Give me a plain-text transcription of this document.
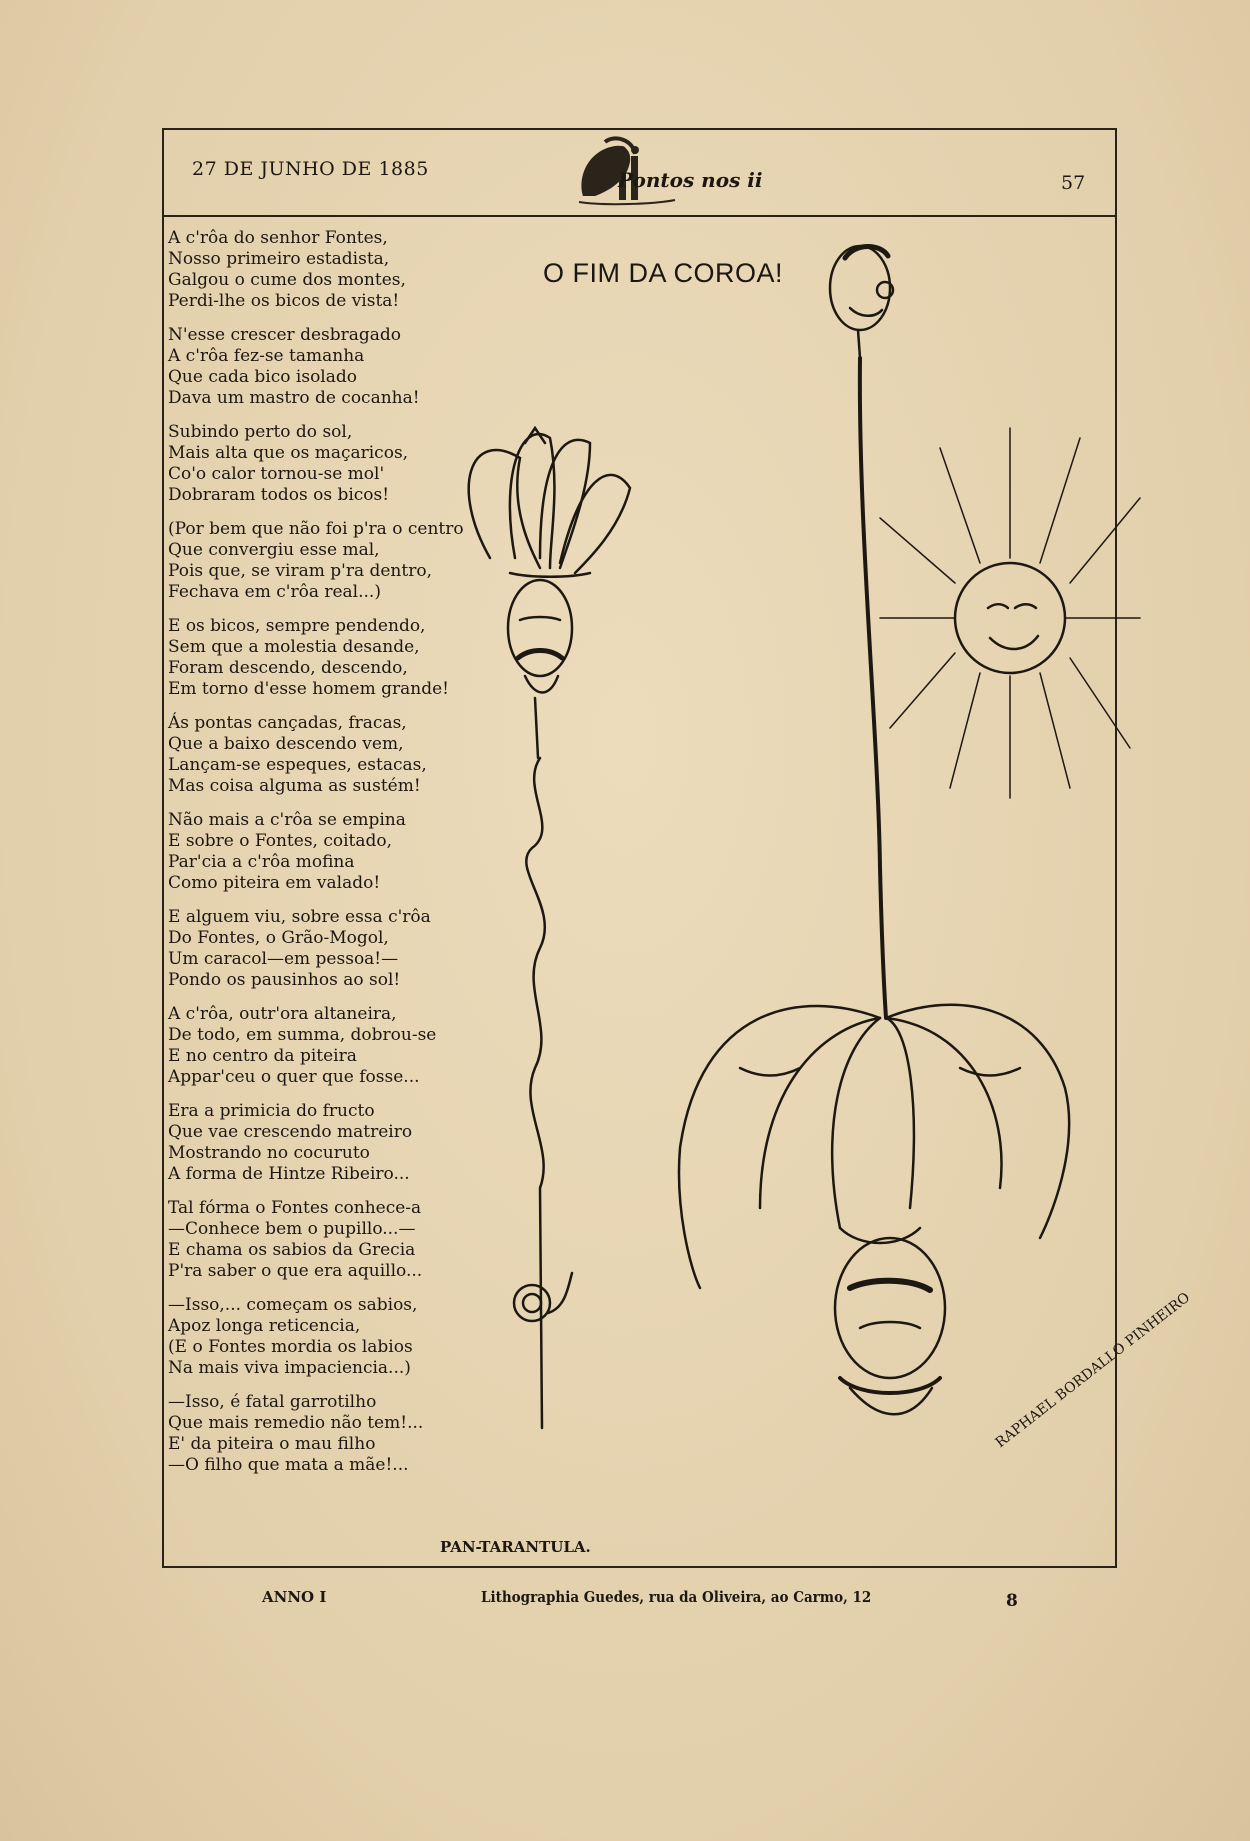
27 DE JUNHO DE 1885	Pontos nos ii	57
O FIM DA COROA!
A c'rôa do senhor Fontes,
Nosso primeiro estadista,
Galgou o cume dos montes,
Perdi-lhe os bicos de vista!
N'esse crescer desbragado
A c'rôa fez-se tamanha
Que cada bico isolado
Dava um mastro de cocanha!
Subindo perto do sol,
Mais alta que os maçaricos,
Co'o calor tornou-se mol'
Dobraram todos os bicos!
(Por bem que não foi p'ra o centro
Que convergiu esse mal,
Pois que, se viram p'ra dentro,
Fechava em c'rôa real...)
E os bicos, sempre pendendo,
Sem que a molestia desande,
Foram descendo, descendo,
Em torno d'esse homem grande!
Ás pontas cançadas, fracas,
Que a baixo descendo vem,
Lançam-se espeques, estacas,
Mas coisa alguma as sustém!
Não mais a c'rôa se empina
E sobre o Fontes, coitado,
Par'cia a c'rôa mofina
Como piteira em valado!
E alguem viu, sobre essa c'rôa
Do Fontes, o Grão-Mogol,
Um caracol—em pessoa!—
Pondo os pausinhos ao sol!
A c'rôa, outr'ora altaneira,
De todo, em summa, dobrou-se
E no centro da piteira
Appar'ceu o quer que fosse...
Era a primicia do fructo
Que vae crescendo matreiro
Mostrando no cocuruto
A forma de Hintze Ribeiro...
Tal fórma o Fontes conhece-a
—Conhece bem o pupillo...—
E chama os sabios da Grecia
P'ra saber o que era aquillo...
—Isso,... começam os sabios,
Apoz longa reticencia,
(E o Fontes mordia os labios
Na mais viva impaciencia...)
—Isso, é fatal garrotilho
Que mais remedio não tem!...
E' da piteira o mau filho
—O filho que mata a mãe!...
PAN-TARANTULA.
RAPHAEL BORDALLO PINHEIRO
ANNO I	Lithographia Guedes, rua da Oliveira, ao Carmo, 12	8
